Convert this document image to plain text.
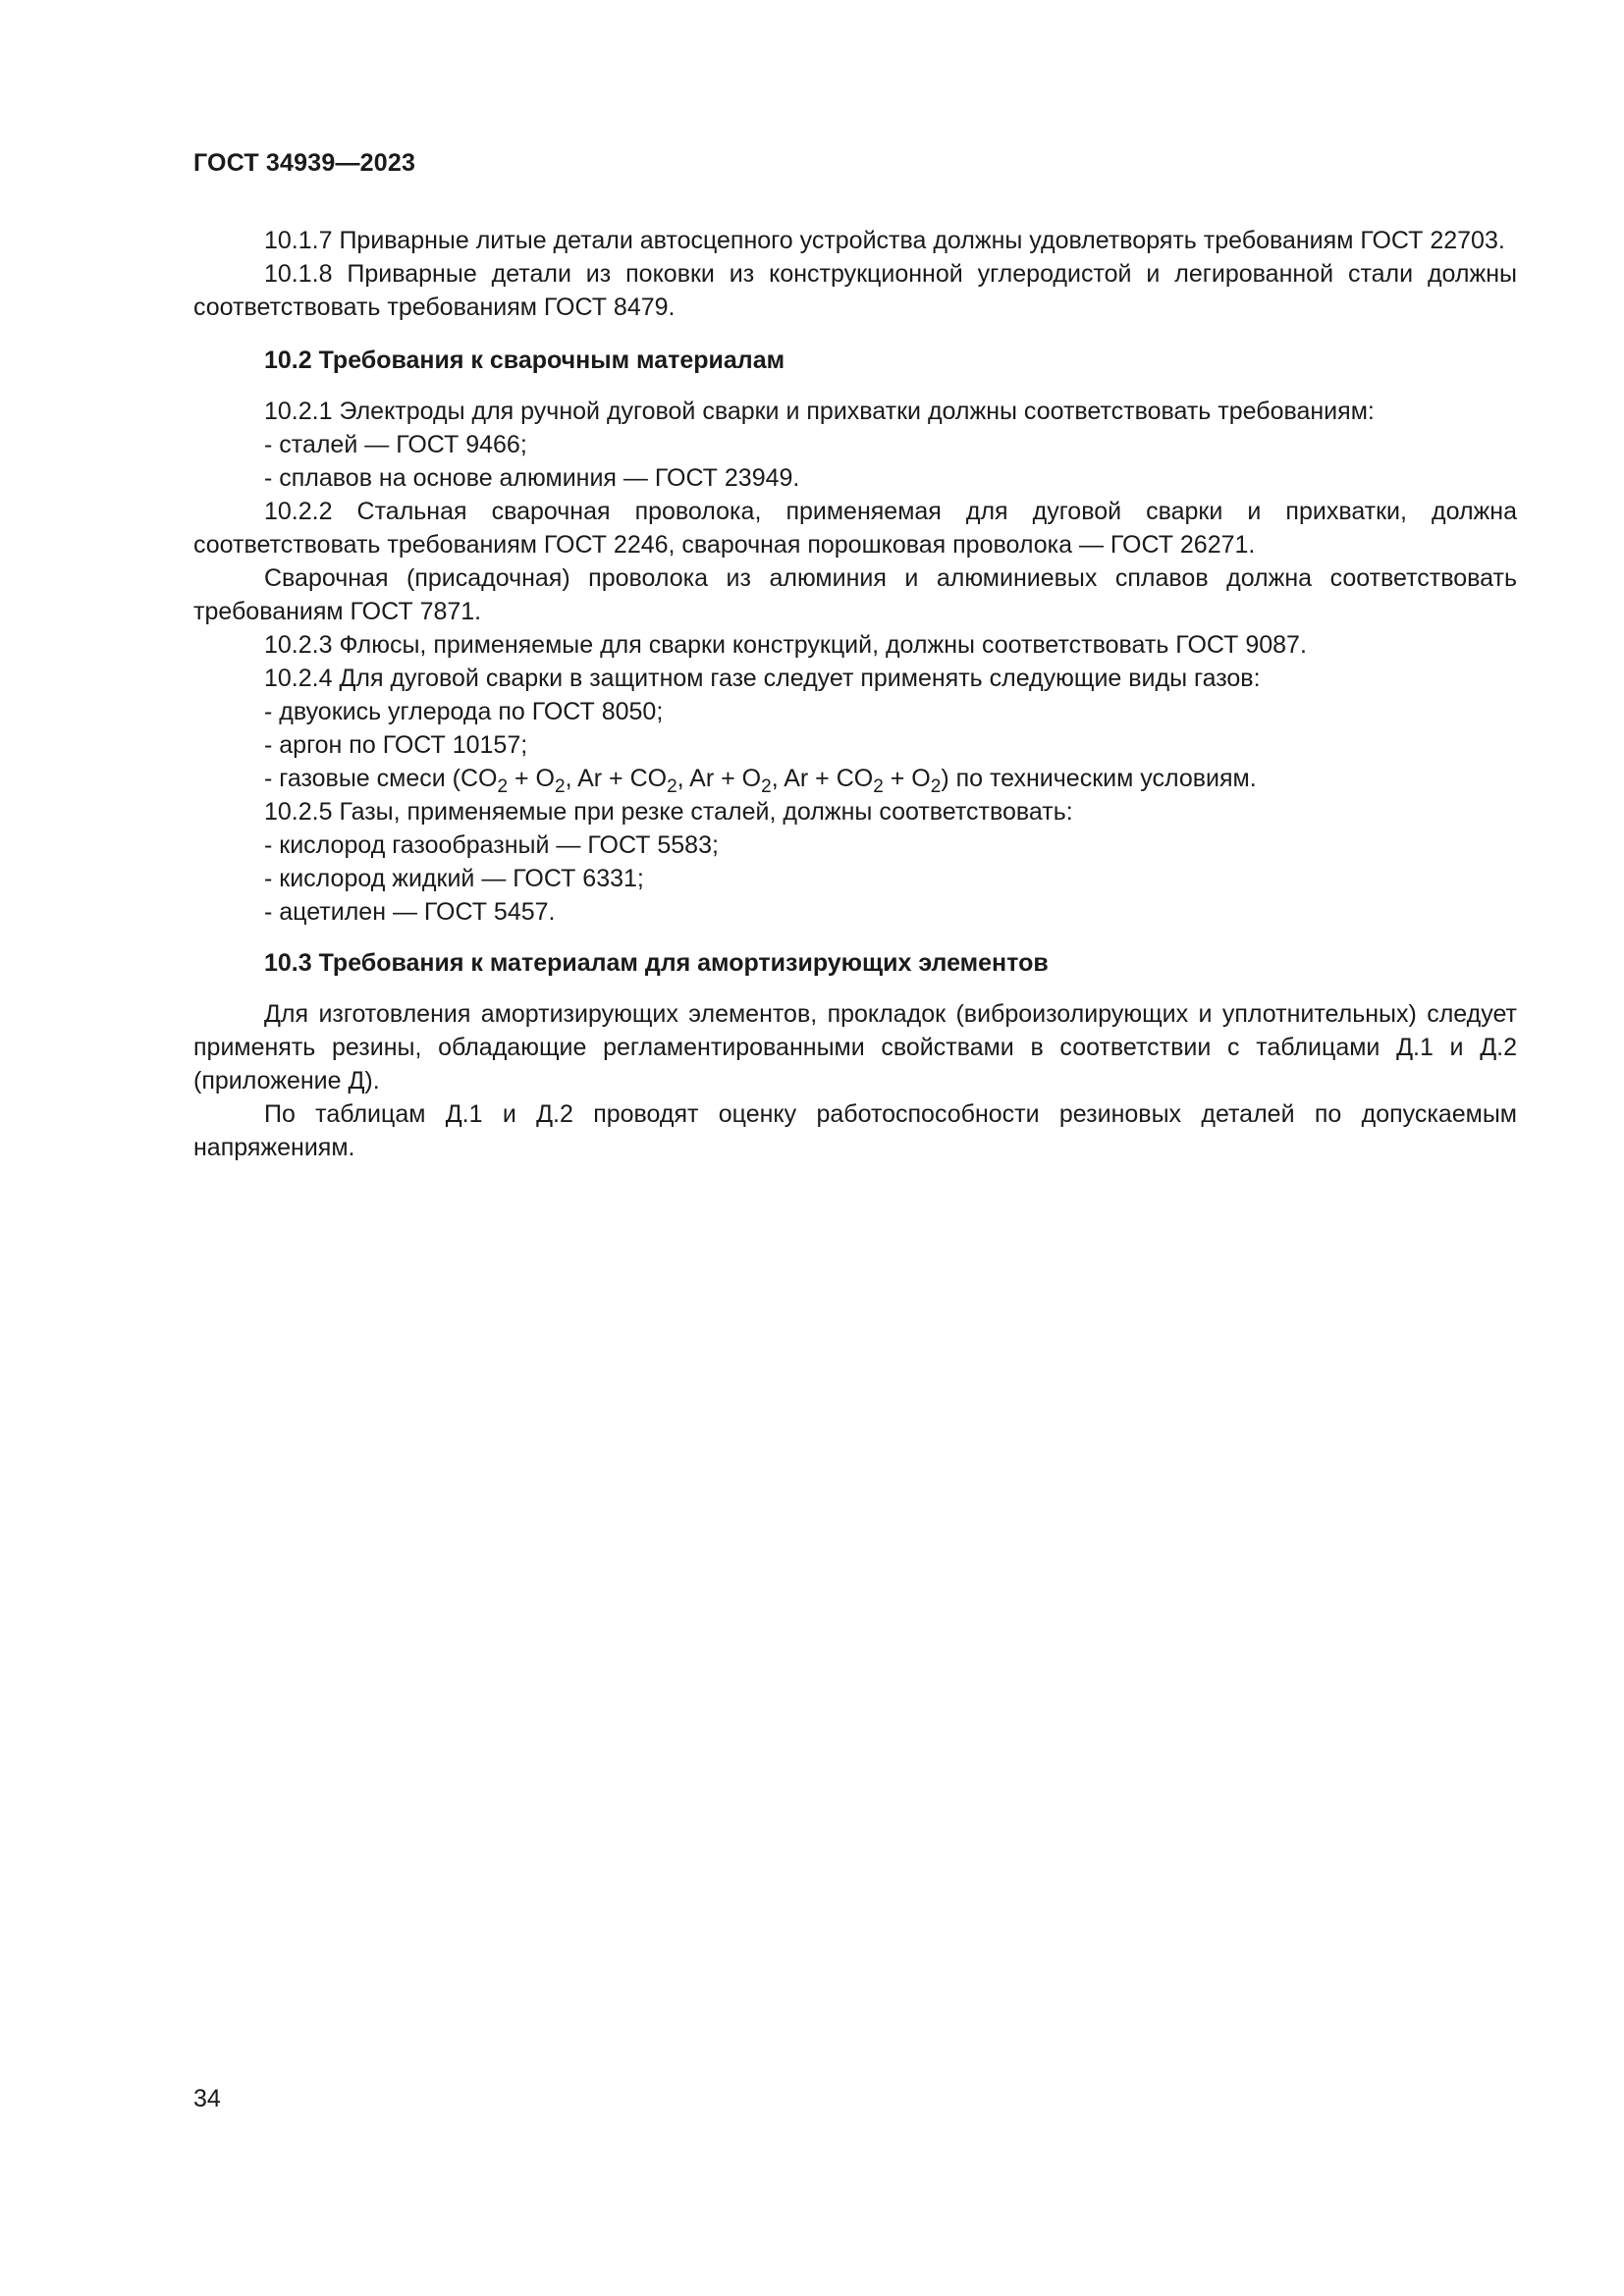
ГОСТ 34939—2023

10.1.7 Приварные литые детали автосцепного устройства должны удовлетворять требованиям ГОСТ 22703.

10.1.8 Приварные детали из поковки из конструкционной углеродистой и легированной стали должны соответствовать требованиям ГОСТ 8479.

10.2 Требования к сварочным материалам

10.2.1 Электроды для ручной дуговой сварки и прихватки должны соответствовать требованиям:

- сталей — ГОСТ 9466;

- сплавов на основе алюминия — ГОСТ 23949.

10.2.2 Стальная сварочная проволока, применяемая для дуговой сварки и прихватки, должна соответствовать требованиям ГОСТ 2246, сварочная порошковая проволока — ГОСТ 26271.

Сварочная (присадочная) проволока из алюминия и алюминиевых сплавов должна соответствовать требованиям ГОСТ 7871.

10.2.3 Флюсы, применяемые для сварки конструкций, должны соответствовать ГОСТ 9087.

10.2.4 Для дуговой сварки в защитном газе следует применять следующие виды газов:

- двуокись углерода по ГОСТ 8050;

- аргон по ГОСТ 10157;

- газовые смеси ($CO_2 + O_2$, $Ar + CO_2$, $Ar + O_2$, $Ar + CO_2 + O_2$) по техническим условиям.

10.2.5 Газы, применяемые при резке сталей, должны соответствовать:

- кислород газообразный — ГОСТ 5583;

- кислород жидкий — ГОСТ 6331;

- ацетилен — ГОСТ 5457.

10.3 Требования к материалам для амортизирующих элементов

Для изготовления амортизирующих элементов, прокладок (виброизолирующих и уплотнительных) следует применять резины, обладающие регламентированными свойствами в соответствии с таблицами Д.1 и Д.2 (приложение Д).

По таблицам Д.1 и Д.2 проводят оценку работоспособности резиновых деталей по допускаемым напряжениям.

34
